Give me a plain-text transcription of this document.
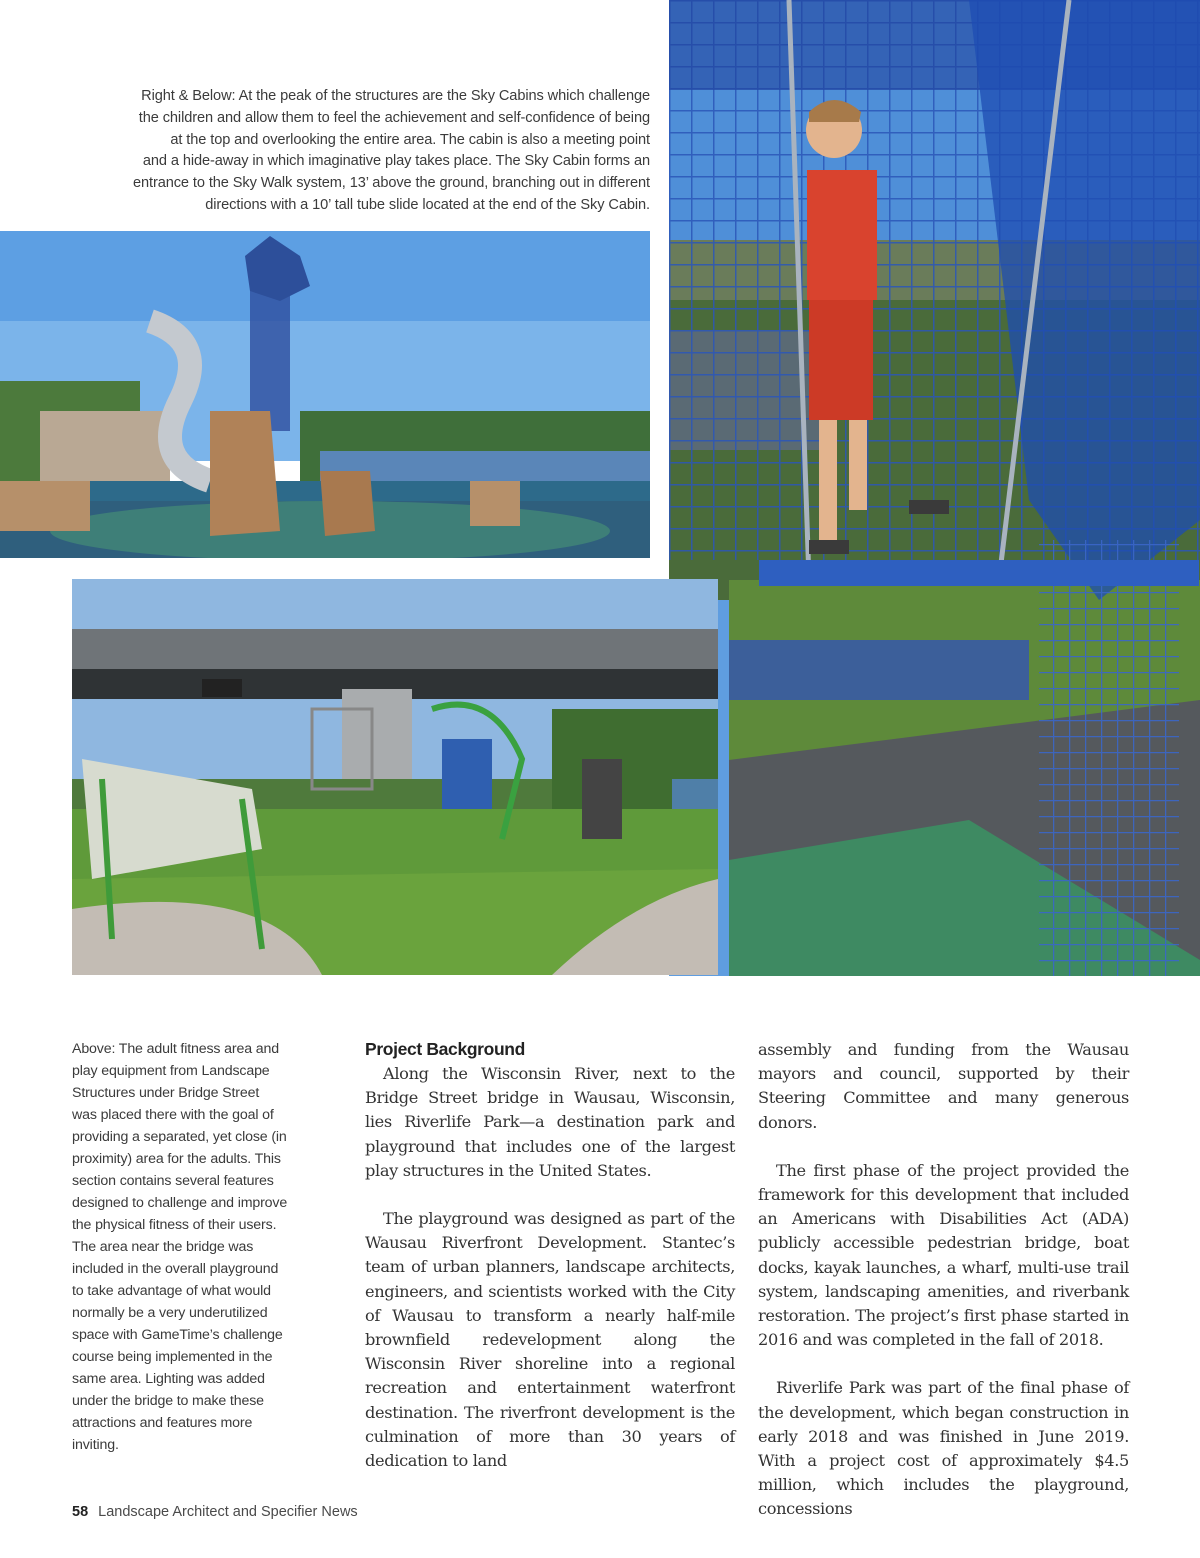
Right & Below: At the peak of the structures are the Sky Cabins which challenge

the children and allow them to feel the achievement and self-confidence of being

at the top and overlooking the entire area. The cabin is also a meeting point

and a hide-away in which imaginative play takes place. The Sky Cabin forms an

entrance to the Sky Walk system, 13’ above the ground, branching out in different

directions with a 10’ tall tube slide located at the end of the Sky Cabin.

Above: The adult fitness area and

play equipment from Landscape

Structures under Bridge Street

was placed there with the goal of

providing a separated, yet close (in

proximity) area for the adults. This

section contains several features

designed to challenge and improve

the physical fitness of their users.

The area near the bridge was

included in the overall playground

to take advantage of what would

normally be a very underutilized

space with GameTime’s challenge

course being implemented in the

same area. Lighting was added

under the bridge to make these

attractions and features more

inviting.

Project Background

Along the Wisconsin River, next to the Bridge Street bridge in Wausau, Wisconsin, lies Riverlife Park—a destination park and playground that includes one of the largest play structures in the United States.

The playground was designed as part of the Wausau Riverfront Development. Stantec’s team of urban planners, landscape architects, engineers, and scientists worked with the City of Wausau to transform a nearly half-mile brownfield redevelopment along the Wisconsin River shoreline into a regional recreation and entertainment waterfront destination. The riverfront development is the culmination of more than 30 years of dedication to land

assembly and funding from the Wausau mayors and council, supported by their Steering Committee and many generous donors.

The first phase of the project provided the framework for this development that included an Americans with Disabilities Act (ADA) publicly accessible pedestrian bridge, boat docks, kayak launches, a wharf, multi-use trail system, landscaping amenities, and riverbank restoration. The project’s first phase started in 2016 and was completed in the fall of 2018.

Riverlife Park was part of the final phase of the development, which began construction in early 2018 and was finished in June 2019. With a project cost of approximately $4.5 million, which includes the playground, concessions

58 Landscape Architect and Specifier News
